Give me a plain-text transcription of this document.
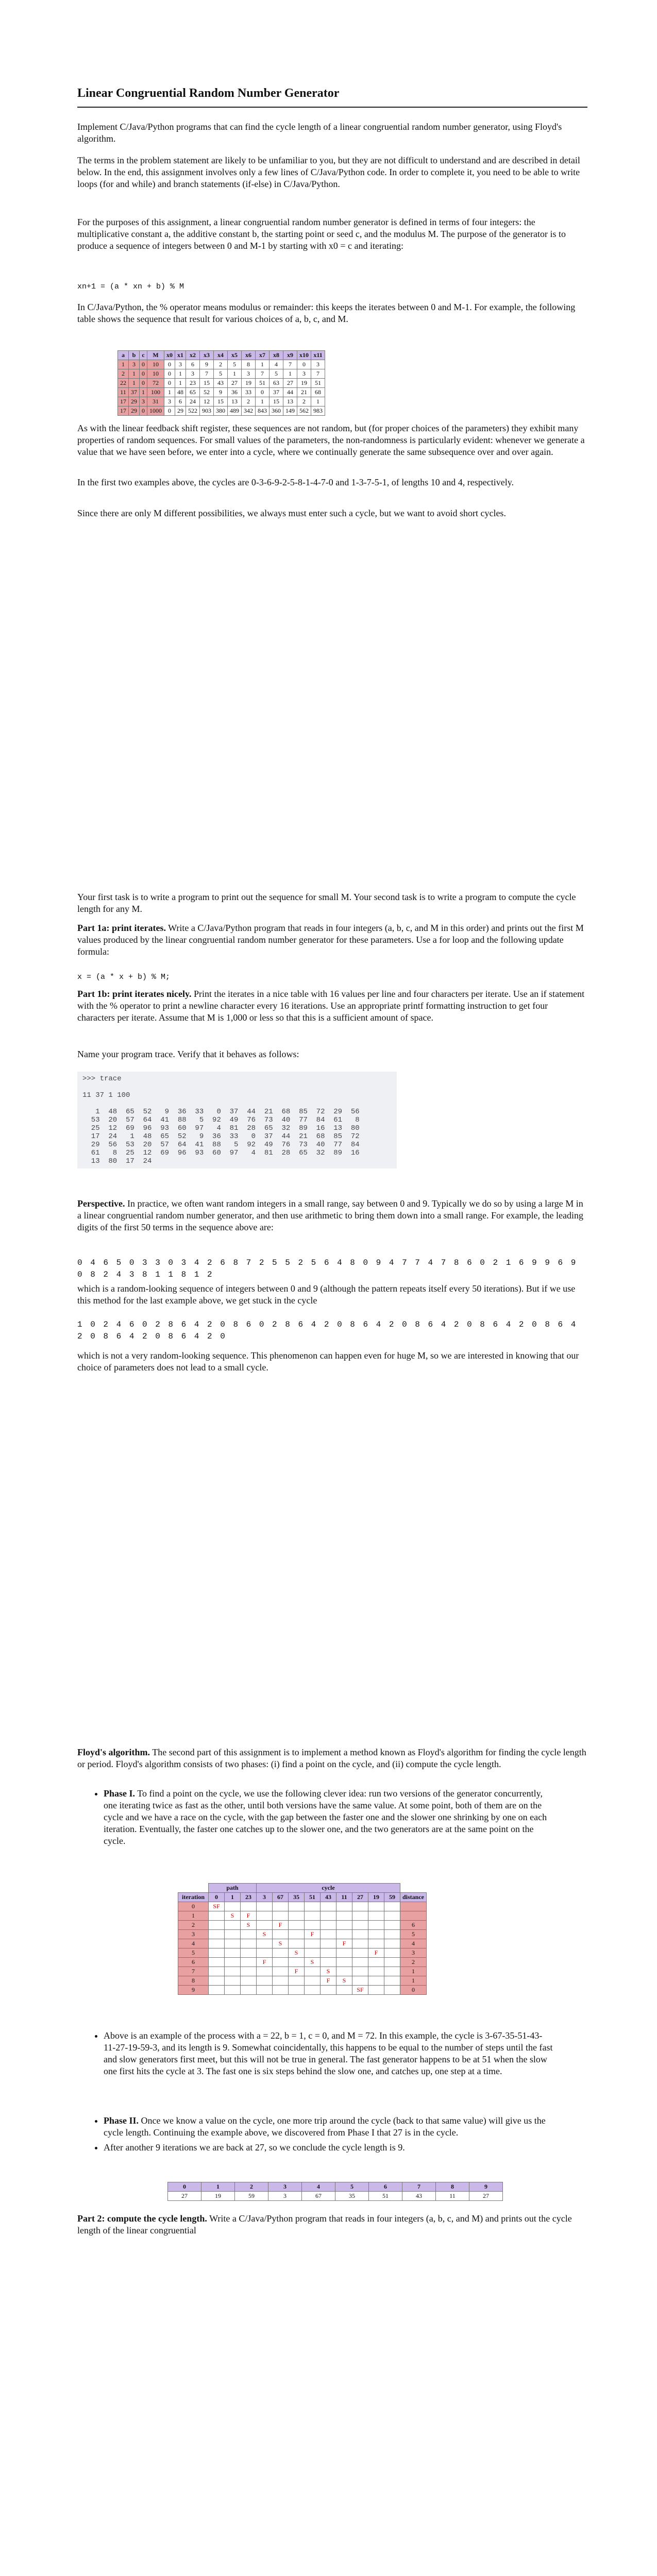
Linear Congruential Random Number Generator

Implement C/Java/Python programs that can find the cycle length of a linear congruential random number generator, using Floyd's algorithm.

The terms in the problem statement are likely to be unfamiliar to you, but they are not difficult to understand and are described in detail below. In the end, this assignment involves only a few lines of C/Java/Python code. In order to complete it, you need to be able to write loops (for and while) and branch statements (if-else) in C/Java/Python.

For the purposes of this assignment, a linear congruential random number generator is defined in terms of four integers: the multiplicative constant a, the additive constant b, the starting point or seed c, and the modulus M. The purpose of the generator is to produce a sequence of integers between 0 and M-1 by starting with x0 = c and iterating:

xn+1 = (a * xn + b) % M

In C/Java/Python, the % operator means modulus or remainder: this keeps the iterates between 0 and M-1. For example, the following table shows the sequence that result for various choices of a, b, c, and M.

a	b	c	M	x0	x1	x2	x3	x4	x5	x6	x7	x8	x9	x10	x11
1	3	0	10	0	3	6	9	2	5	8	1	4	7	0	3
2	1	0	10	0	1	3	7	5	1	3	7	5	1	3	7
22	1	0	72	0	1	23	15	43	27	19	51	63	27	19	51
11	37	1	100	1	48	65	52	9	36	33	0	37	44	21	68
17	29	3	31	3	6	24	12	15	13	2	1	15	13	2	1
17	29	0	1000	0	29	522	903	380	489	342	843	360	149	562	983

As with the linear feedback shift register, these sequences are not random, but (for proper choices of the parameters) they exhibit many properties of random sequences. For small values of the parameters, the non-randomness is particularly evident: whenever we generate a value that we have seen before, we enter into a cycle, where we continually generate the same subsequence over and over again.

In the first two examples above, the cycles are 0-3-6-9-2-5-8-1-4-7-0 and 1-3-7-5-1, of lengths 10 and 4, respectively.

Since there are only M different possibilities, we always must enter such a cycle, but we want to avoid short cycles.

Your first task is to write a program to print out the sequence for small M. Your second task is to write a program to compute the cycle length for any M.

Part 1a: print iterates. Write a C/Java/Python program that reads in four integers (a, b, c, and M in this order) and prints out the first M values produced by the linear congruential random number generator for these parameters. Use a for loop and the following update formula:

x = (a * x + b) % M;

Part 1b: print iterates nicely. Print the iterates in a nice table with 16 values per line and four characters per iterate. Use an if statement with the % operator to print a newline character every 16 iterations. Use an appropriate printf formatting instruction to get four characters per iterate. Assume that M is 1,000 or less so that this is a sufficient amount of space.

Name your program trace. Verify that it behaves as follows:

>>> trace

11 37 1 100

1  48  65  52   9  36  33   0  37  44  21  68  85  72  29  56
53  20  57  64  41  88   5  92  49  76  73  40  77  84  61   8
25  12  69  96  93  60  97   4  81  28  65  32  89  16  13  80
17  24   1  48  65  52   9  36  33   0  37  44  21  68  85  72
29  56  53  20  57  64  41  88   5  92  49  76  73  40  77  84
61   8  25  12  69  96  93  60  97   4  81  28  65  32  89  16
13  80  17  24

Perspective. In practice, we often want random integers in a small range, say between 0 and 9. Typically we do so by using a large M in a linear congruential random number generator, and then use arithmetic to bring them down into a small range. For example, the leading digits of the first 50 terms in the sequence above are:

0 4 6 5 0 3 3 0 3 4 2 6 8 7 2 5 5 2 5 6 4 8 0 9 4 7 7 4 7 8 6 0 2 1 6 9 9 6 9 0 8 2 4 3 8 1 1 8 1 2

which is a random-looking sequence of integers between 0 and 9 (although the pattern repeats itself every 50 iterations). But if we use this method for the last example above, we get stuck in the cycle

1 0 2 4 6 0 2 8 6 4 2 0 8 6 0 2 8 6 4 2 0 8 6 4 2 0 8 6 4 2 0 8 6 4 2 0 8 6 4 2 0 8 6 4 2 0 8 6 4 2 0

which is not a very random-looking sequence. This phenomenon can happen even for huge M, so we are interested in knowing that our choice of parameters does not lead to a small cycle.

Floyd's algorithm. The second part of this assignment is to implement a method known as Floyd's algorithm for finding the cycle length or period. Floyd's algorithm consists of two phases: (i) find a point on the cycle, and (ii) compute the cycle length.

• Phase I. To find a point on the cycle, we use the following clever idea: run two versions of the generator concurrently, one iterating twice as fast as the other, until both versions have the same value. At some point, both of them are on the cycle and we have a race on the cycle, with the gap between the faster one and the slower one shrinking by one on each iteration. Eventually, the faster one catches up to the slower one, and the two generators are at the same point on the cycle.
	path			cycle									
iteration	0	1	23	3	67	35	51	43	11	27	19	59	distance
0	SF												
1		S	F										
2			S		F								6
3				S			F						5
4					S				F				4
5						S					F		3
6				F			S						2
7						F		S					1
8								F	S				1
9										SF			0
• Above is an example of the process with a = 22, b = 1, c = 0, and M = 72. In this example, the cycle is 3-67-35-51-43-11-27-19-59-3, and its length is 9. Somewhat coincidentally, this happens to be equal to the number of steps until the fast and slow generators first meet, but this will not be true in general. The fast generator happens to be at 51 when the slow one first hits the cycle at 3. The fast one is six steps behind the slow one, and catches up, one step at a time.
• Phase II. Once we know a value on the cycle, one more trip around the cycle (back to that same value) will give us the cycle length. Continuing the example above, we discovered from Phase I that 27 is in the cycle.
• After another 9 iterations we are back at 27, so we conclude the cycle length is 9.
0	1	2	3	4	5	6	7	8	9
27	19	59	3	67	35	51	43	11	27

Part 2: compute the cycle length. Write a C/Java/Python program that reads in four integers (a, b, c, and M) and prints out the cycle length of the linear congruential
